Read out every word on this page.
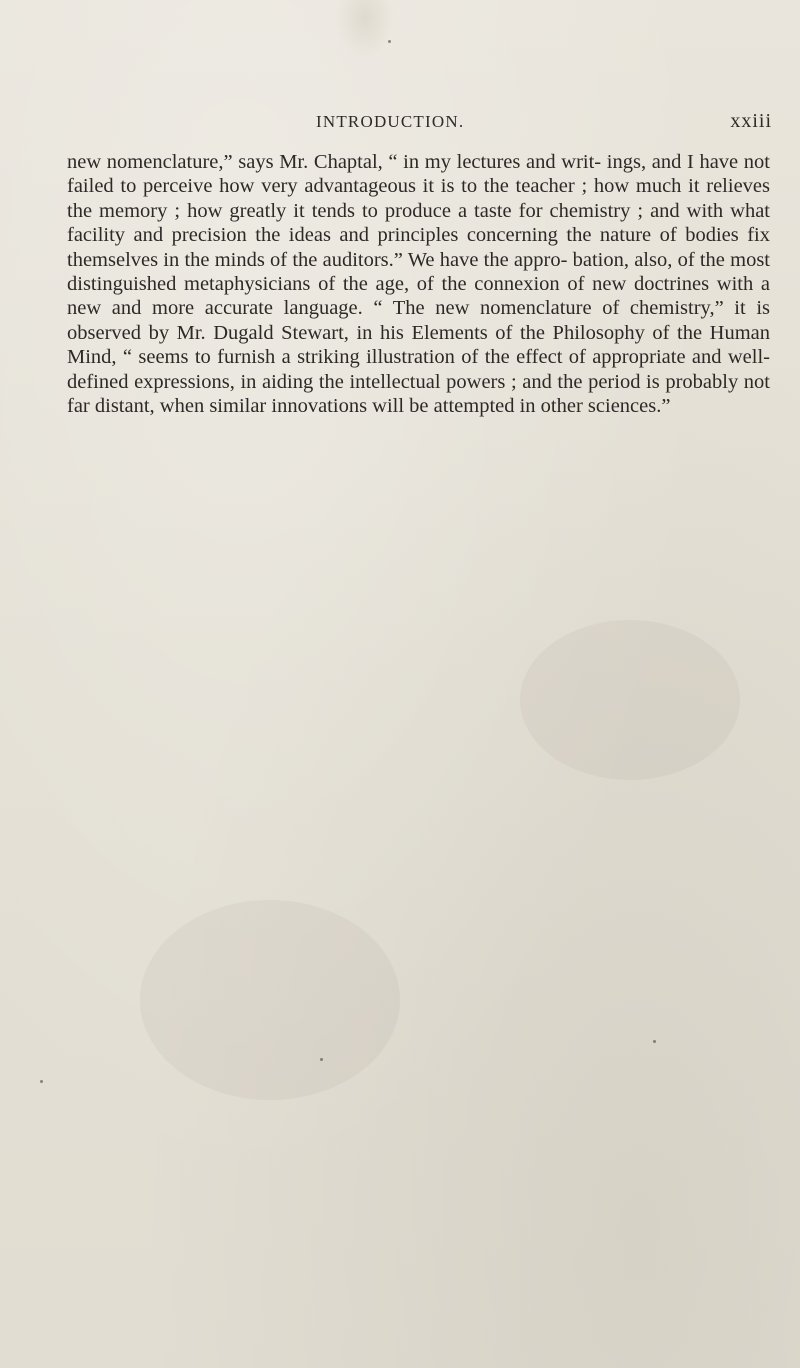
INTRODUCTION.	xxiii

new nomenclature,” says Mr. Chaptal, “ in my lectures and writ- ings, and I have not failed to perceive how very advantageous it is to the teacher ; how much it relieves the memory ; how greatly it tends to produce a taste for chemistry ; and with what facility and precision the ideas and principles concerning the nature of bodies fix themselves in the minds of the auditors.” We have the appro- bation, also, of the most distinguished metaphysicians of the age, of the connexion of new doctrines with a new and more accurate language. “ The new nomenclature of chemistry,” it is observed by Mr. Dugald Stewart, in his Elements of the Philosophy of the Human Mind, “ seems to furnish a striking illustration of the effect of appropriate and well-defined expressions, in aiding the intellectual powers ; and the period is probably not far distant, when similar innovations will be attempted in other sciences.”
